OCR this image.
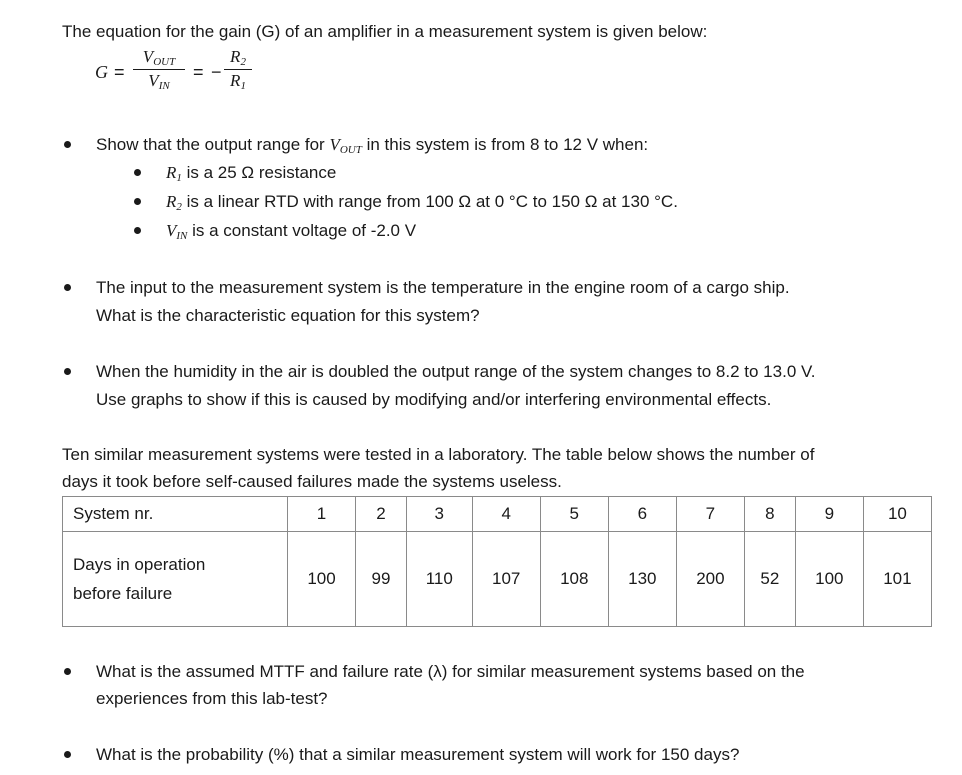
The equation for the gain (G) of an amplifier in a measurement system is given below:
G =
$V_{OUT}$
$V_{IN}$
= −
$R_2$
$R_1$
Show that the output range for $V_{OUT}$ in this system is from 8 to 12 V when:
$R_1$ is a 25 Ω resistance
$R_2$ is a linear RTD with range from 100 Ω at 0 °C to 150 Ω at 130 °C.
$V_{IN}$ is a constant voltage of -2.0 V
The input to the measurement system is the temperature in the engine room of a cargo ship.
What is the characteristic equation for this system?
When the humidity in the air is doubled the output range of the system changes to 8.2 to 13.0 V.
Use graphs to show if this is caused by modifying and/or interfering environmental effects.
Ten similar measurement systems were tested in a laboratory. The table below shows the number of
days it took before self-caused failures made the systems useless.
System nr.	1	2	3	4	5	6	7	8	9	10

Days in operation
before failure	100	99	110	107	108	130	200	52	100	101
What is the assumed MTTF and failure rate (λ) for similar measurement systems based on the
experiences from this lab-test?
What is the probability (%) that a similar measurement system will work for 150 days?
